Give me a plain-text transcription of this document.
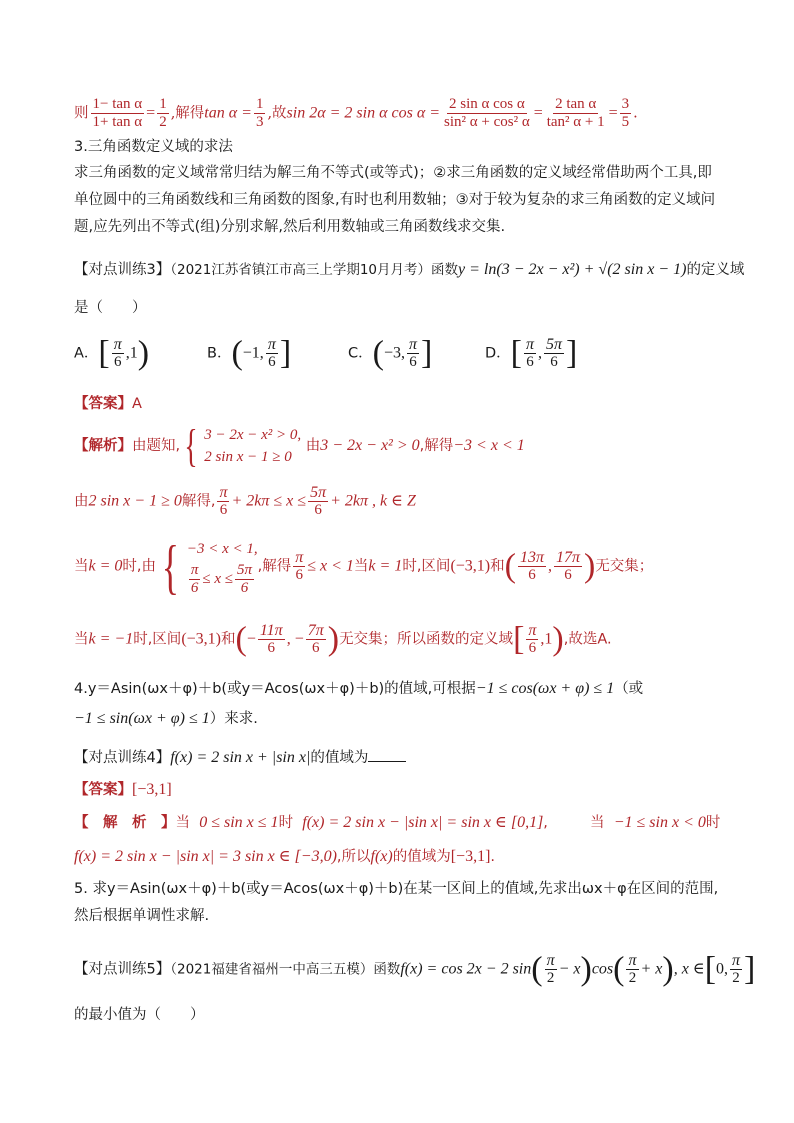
则 $\frac{\text{1− tan α}}{\text{1+ tan α}} = \frac{1}{2}$ ,解得$\tan \alpha = \frac{1}{3}$ ,故sin 2α = 2 sin α $\cos \alpha = \frac{\text{2 sin α cos α}}{\text{sin² α + cos² α}} = \frac{\text{2 tan α}}{\text{tan² α + 1}} = \frac{3}{5}$ .
3.三角函数定义域的求法
求三角函数的定义域常常归结为解三角不等式(或等式)；②求三角函数的定义域经常借助两个工具,即单位圆中的三角函数线和三角函数的图象,有时也利用数轴；③对于较为复杂的求三角函数的定义域问题,应先列出不等式(组)分别求解,然后利用数轴或三角函数线求交集.
【对点训练3】（2021江苏省镇江市高三上学期10月月考）函数y = ln(3 − 2x − x²) + √(2 sin x − 1)的定义域
是（　　）
A．[ $\frac{\pi}{6} ,1$)	B．(−1, $\frac{\pi}{6}$ ]	C．(−3, $\frac{\pi}{6}$ ]	D．[ $\frac{\pi}{6}$ , $\frac{5\pi}{6}$ ]
【答案】A
【解析】由题知, { 3 − 2x − x² > 0,
2 sin x − 1 ≥ 0
由3 − 2x − x² > 0,解得−3 < x < 1
由2 sin x − 1 ≥ 0解得, $\frac{\pi}{6} + 2k\pi \le x \le \frac{5\pi}{6} + 2k\pi$ , k ∈ Z
当k = 0时,由 { −3 < x < 1,
$\frac{\pi}{6} \le x \le \frac{5\pi}{6}$ ,解得 $\frac{\pi}{6} \le x < 1$当k = 1时,区间(−3,1)和( $\frac{13\pi}{6}$ , $\frac{17\pi}{6}$ )无交集；
当k = −1时,区间(−3,1)和(− $\frac{11\pi}{6}$ , − $\frac{7\pi}{6}$ )无交集；所以函数的定义域[ $\frac{\pi}{6} ,1$),故选A.
4.y＝Asin(ωx＋φ)＋b(或y＝Acos(ωx＋φ)＋b)的值域,可根据−1 ≤ cos(ωx + φ) ≤ 1（或
−1 ≤ sin(ωx + φ) ≤ 1）来求.
【对点训练4】f(x) = 2 sin x + |sin x|的值域为
【答案】[−3,1]
【　解　析　】当 0 ≤ sin x ≤ 1时 f(x) = 2 sin x − |sin x| = sin x ∈ [0,1],	当 −1 ≤ sin x < 0时
f(x) = 2 sin x − |sin x| = 3 sin x ∈ [−3,0),所以f(x)的值域为[−3,1].
5. 求y＝Asin(ωx＋φ)＋b(或y＝Acos(ωx＋φ)＋b)在某一区间上的值域,先求出ωx＋φ在区间的范围,然后根据单调性求解.
【对点训练5】（2021福建省福州一中高三五模）函数f(x) = cos 2x − 2 $\sin( \frac{\pi}{2} - x)\cos( \frac{\pi}{2} + x)$, x ∈[0, $\frac{\pi}{2}$ ]
的最小值为（　　）
